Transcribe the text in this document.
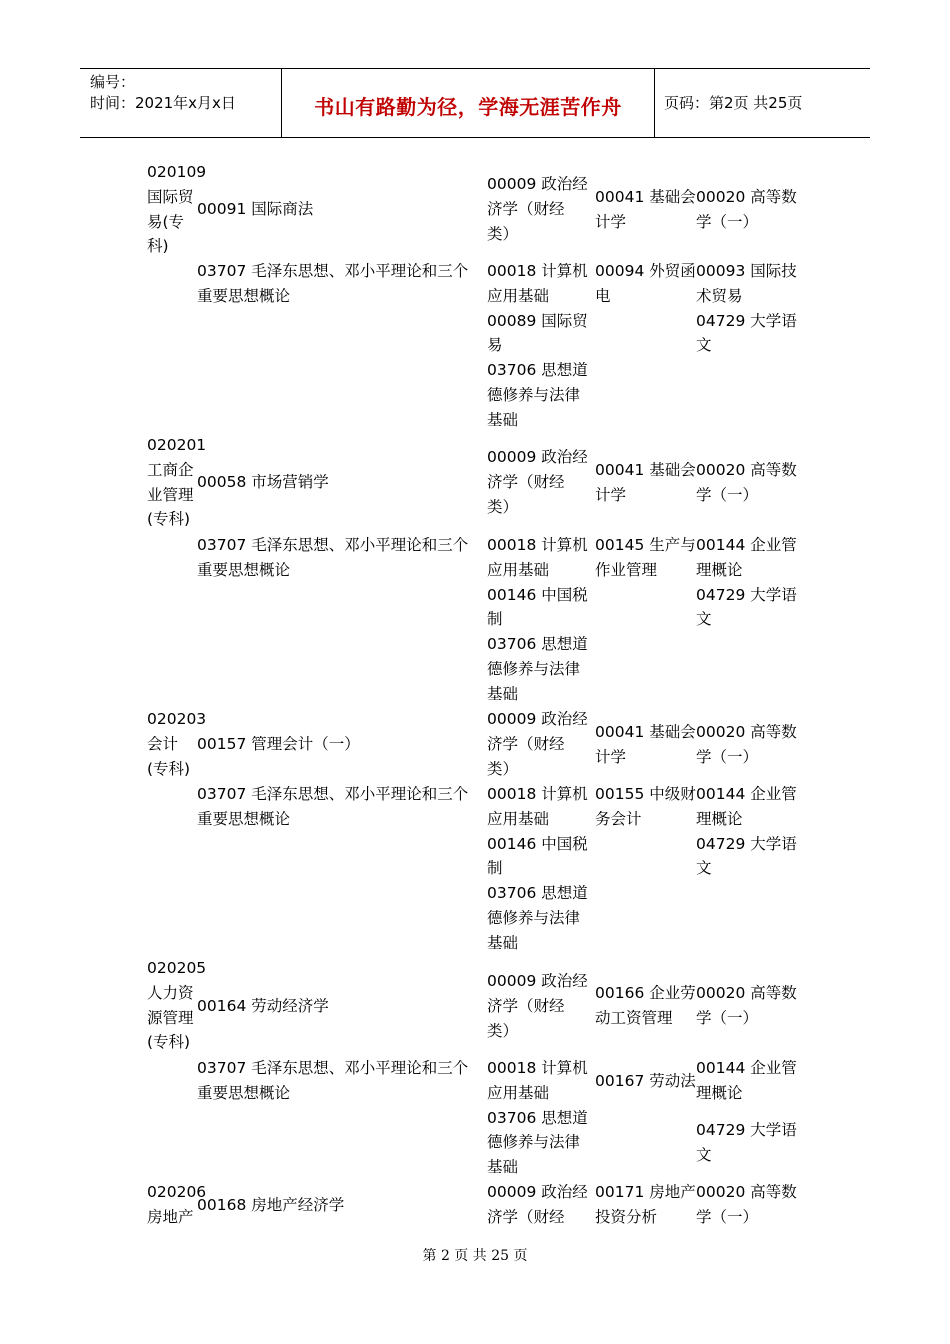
编号：
时间：2021年x月x日	书山有路勤为径，学海无涯苦作舟	页码：第2页 共25页
020109
国际贸
易(专
科)
00091 国际商法
00009 政治经
济学（财经
类）
00041 基础会
计学
00020 高等数
学（一）
03707 毛泽东思想、邓小平理论和三个
重要思想概论
00018 计算机
应用基础
00089 国际贸
易
03706 思想道
德修养与法律
基础
00094 外贸函
电
00093 国际技
术贸易
04729 大学语
文
020201
工商企
业管理
(专科)
00058 市场营销学
00009 政治经
济学（财经
类）
00041 基础会
计学
00020 高等数
学（一）
03707 毛泽东思想、邓小平理论和三个
重要思想概论
00018 计算机
应用基础
00146 中国税
制
03706 思想道
德修养与法律
基础
00145 生产与
作业管理
00144 企业管
理概论
04729 大学语
文
020203
会计
(专科)
00157 管理会计（一）
00009 政治经
济学（财经
类）
00041 基础会
计学
00020 高等数
学（一）
03707 毛泽东思想、邓小平理论和三个
重要思想概论
00018 计算机
应用基础
00146 中国税
制
03706 思想道
德修养与法律
基础
00155 中级财
务会计
00144 企业管
理概论
04729 大学语
文
020205
人力资
源管理
(专科)
00164 劳动经济学
00009 政治经
济学（财经
类）
00166 企业劳
动工资管理
00020 高等数
学（一）
03707 毛泽东思想、邓小平理论和三个
重要思想概论
00018 计算机
应用基础
03706 思想道
德修养与法律
基础
00167 劳动法
00144 企业管
理概论
04729 大学语
文
020206
房地产
00168 房地产经济学
00009 政治经
济学（财经
00171 房地产
投资分析
00020 高等数
学（一）
第 2 页 共 25 页
